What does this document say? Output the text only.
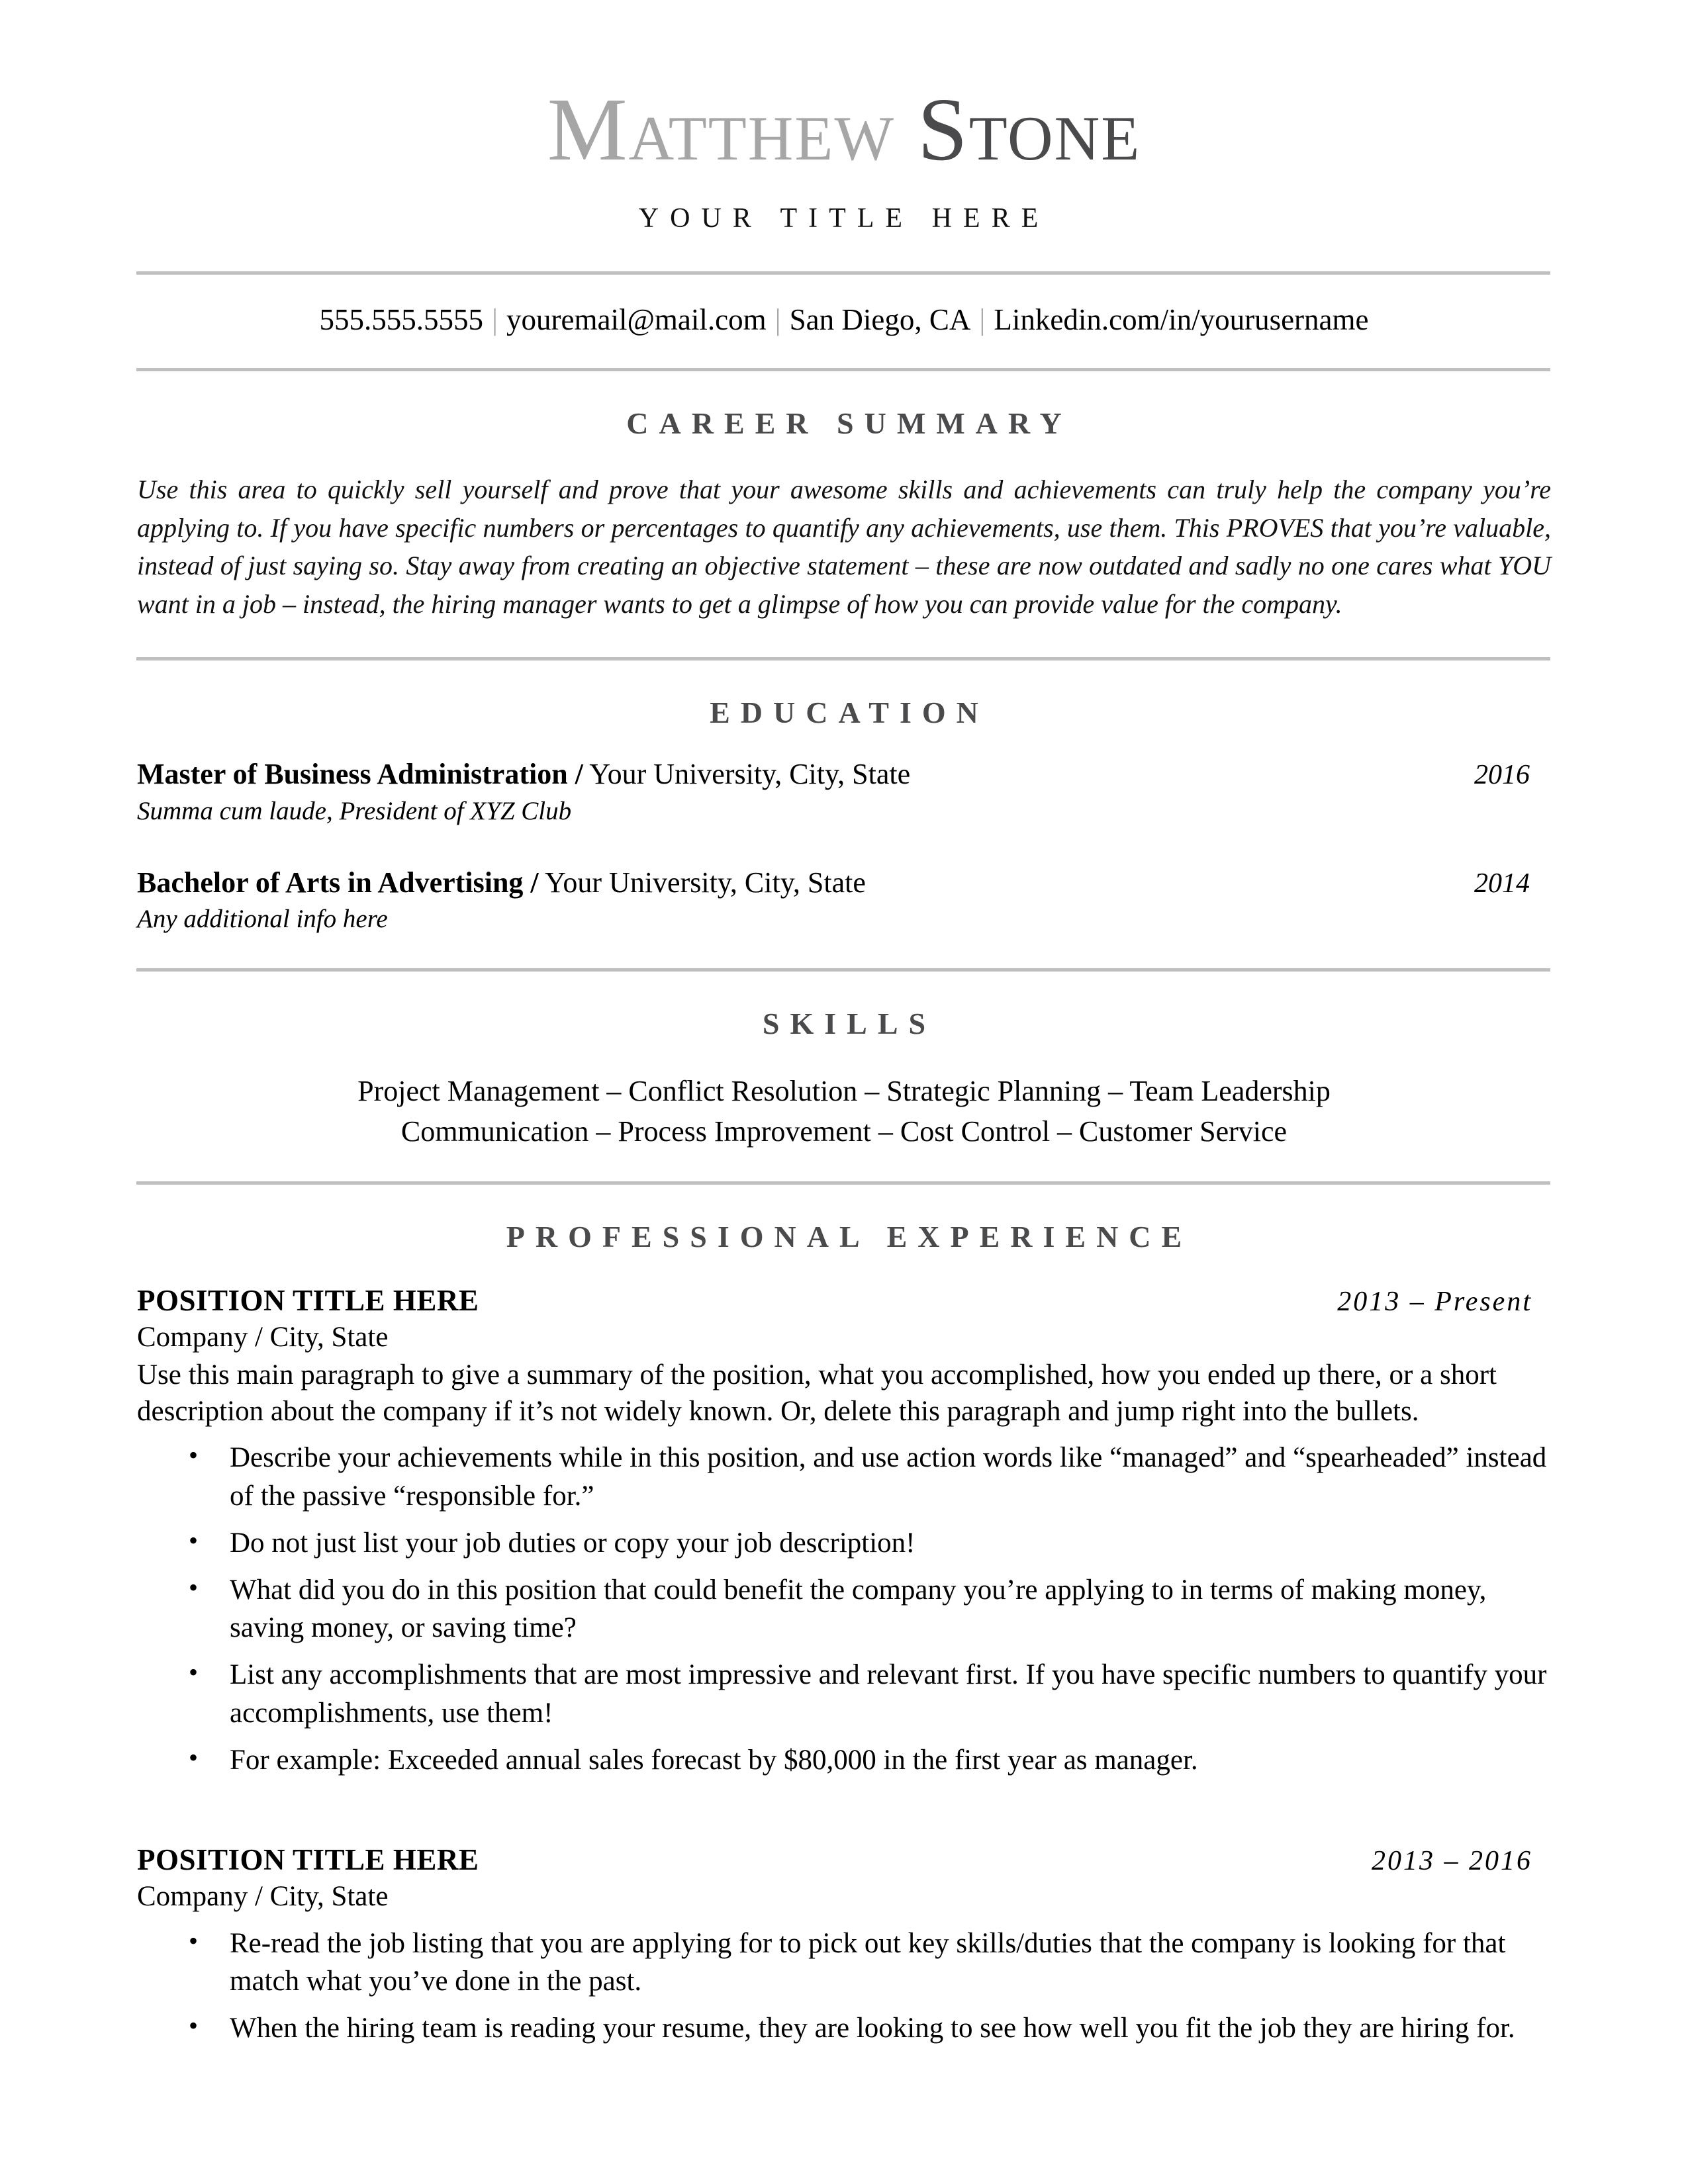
Matthew Stone
YOUR TITLE HERE
555.555.5555 | youremail@mail.com | San Diego, CA | Linkedin.com/in/yourusername
CAREER SUMMARY
Use this area to quickly sell yourself and prove that your awesome skills and achievements can truly help the company you’re applying to. If you have specific numbers or percentages to quantify any achievements, use them. This PROVES that you’re valuable, instead of just saying so. Stay away from creating an objective statement – these are now outdated and sadly no one cares what YOU want in a job – instead, the hiring manager wants to get a glimpse of how you can provide value for the company.
EDUCATION
Master of Business Administration / Your University, City, State	2016
Summa cum laude, President of XYZ Club
Bachelor of Arts in Advertising / Your University, City, State	2014
Any additional info here
SKILLS
Project Management – Conflict Resolution – Strategic Planning – Team Leadership
Communication – Process Improvement – Cost Control – Customer Service
PROFESSIONAL EXPERIENCE
POSITION TITLE HERE	2013 – Present
Company / City, State
Use this main paragraph to give a summary of the position, what you accomplished, how you ended up there, or a short description about the company if it’s not widely known. Or, delete this paragraph and jump right into the bullets.
• Describe your achievements while in this position, and use action words like “managed” and “spearheaded” instead of the passive “responsible for.”
• Do not just list your job duties or copy your job description!
• What did you do in this position that could benefit the company you’re applying to in terms of making money, saving money, or saving time?
• List any accomplishments that are most impressive and relevant first. If you have specific numbers to quantify your accomplishments, use them!
• For example: Exceeded annual sales forecast by $80,000 in the first year as manager.
POSITION TITLE HERE	2013 – 2016
Company / City, State
• Re-read the job listing that you are applying for to pick out key skills/duties that the company is looking for that match what you’ve done in the past.
• When the hiring team is reading your resume, they are looking to see how well you fit the job they are hiring for.
